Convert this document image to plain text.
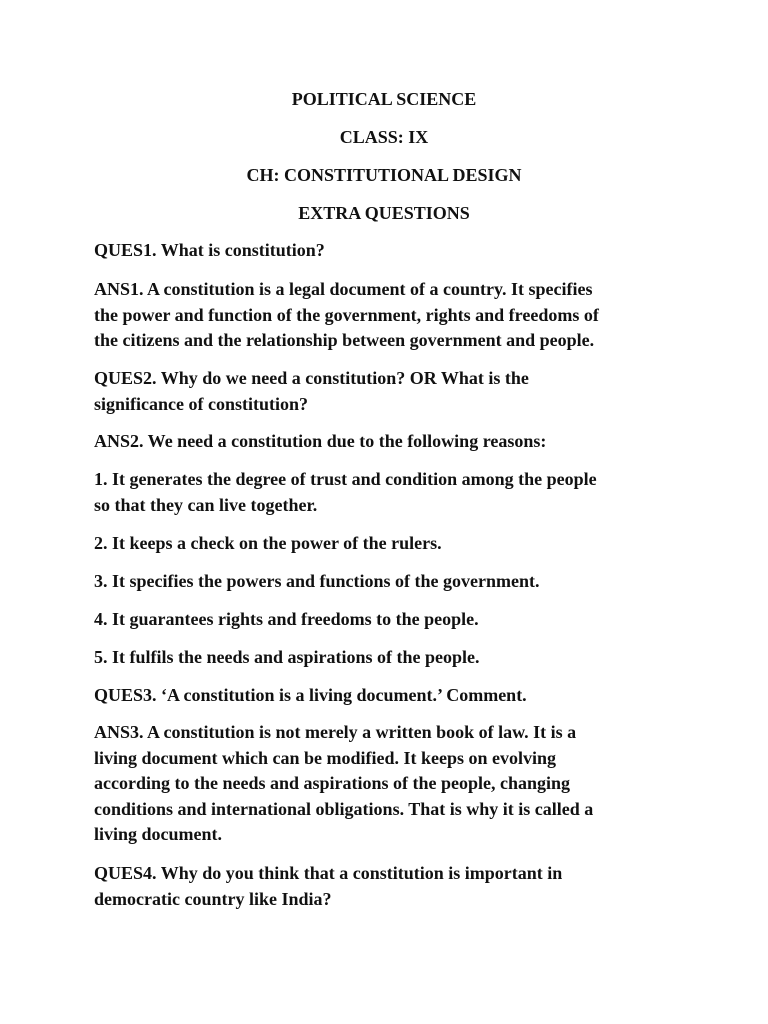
POLITICAL SCIENCE

CLASS: IX

CH: CONSTITUTIONAL DESIGN

EXTRA QUESTIONS

QUES1. What is constitution?
ANS1. A constitution is a legal document of a country. It specifies
the power and function of the government, rights and freedoms of
the citizens and the relationship between government and people.
QUES2. Why do we need a constitution? OR What is the
significance of constitution?
ANS2. We need a constitution due to the following reasons:
1. It generates the degree of trust and condition among the people
so that they can live together.
2. It keeps a check on the power of the rulers.
3. It specifies the powers and functions of the government.
4. It guarantees rights and freedoms to the people.
5. It fulfils the needs and aspirations of the people.
QUES3. ‘A constitution is a living document.’ Comment.
ANS3. A constitution is not merely a written book of law. It is a
living document which can be modified. It keeps on evolving
according to the needs and aspirations of the people, changing
conditions and international obligations. That is why it is called a
living document.
QUES4. Why do you think that a constitution is important in
democratic country like India?
